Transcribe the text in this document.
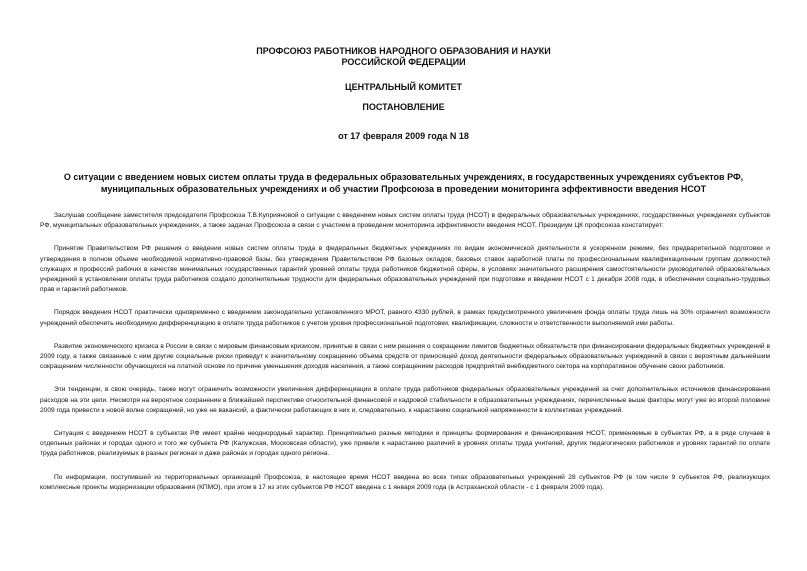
ПРОФСОЮЗ РАБОТНИКОВ НАРОДНОГО ОБРАЗОВАНИЯ И НАУКИ
РОССИЙСКОЙ ФЕДЕРАЦИИ
ЦЕНТРАЛЬНЫЙ КОМИТЕТ
ПОСТАНОВЛЕНИЕ
от 17 февраля 2009 года N 18
О ситуации с введением новых систем оплаты труда в федеральных образовательных учреждениях, в государственных учреждениях субъектов РФ, муниципальных образовательных учреждениях и об участии Профсоюза в проведении мониторинга эффективности введения НСОТ

Заслушав сообщение заместителя председателя Профсоюза Т.В.Куприяновой о ситуации с введением новых систем оплаты труда (НСОТ) в федеральных образовательных учреждениях, государственных учреждениях субъектов РФ, муниципальных образовательных учреждениях, а также задачах Профсоюза в связи с участием в проведении мониторинга эффективности введения НСОТ, Президиум ЦК профсоюза констатирует:

Принятие Правительством РФ решения о введении новых систем оплаты труда в федеральных бюджетных учреждениях по видам экономической деятельности в ускоренном режиме, без предварительной подготовки и утверждения в полном объеме необходимой нормативно-правовой базы, без утверждения Правительством РФ базовых окладов, базовых ставок заработной платы по профессиональным квалификационным группам должностей служащих и профессий рабочих в качестве минимальных государственных гарантий уровней оплаты труда работников бюджетной сферы, в условиях значительного расширения самостоятельности руководителей образовательных учреждений в установлении оплаты труда работников создало дополнительные трудности для федеральных образовательных учреждений при подготовке и введении НСОТ с 1 декабря 2008 года, в обеспечении социально-трудовых прав и гарантий работников.

Порядок введения НСОТ практически одновременно с введением законодательно установленного МРОТ, равного 4330 рублей, в рамках предусмотренного увеличения фонда оплаты труда лишь на 30% ограничил возможности учреждений обеспечить необходимую дифференциацию в оплате труда работников с учетом уровня профессиональной подготовки, квалификации, сложности и ответственности выполняемой ими работы.

Развитие экономического кризиса в России в связи с мировым финансовым кризисом, принятые в связи с ним решения о сокращении лимитов бюджетных обязательств при финансировании федеральных бюджетных учреждений в 2009 году, а также связанные с ним другие социальные риски приведут к значительному сокращению объема средств от приносящей доход деятельности федеральных образовательных учреждений в связи с вероятным дальнейшим сокращением численности обучающихся на платной основе по причине уменьшения доходов населения, а также сокращением расходов предприятий внебюджетного сектора на корпоративное обучение своих работников.

Эти тенденции, в свою очередь, также могут ограничить возможности увеличения дифференциации в оплате труда работников федеральных образовательных учреждений за счет дополнительных источников финансирования расходов на эти цели. Несмотря на вероятное сохранение в ближайшей перспективе относительной финансовой и кадровой стабильности в образовательных учреждениях, перечисленные выше факторы могут уже во второй половине 2009 года привести к новой волне сокращений, но уже не вакансий, а фактически работающих в них и, следовательно, к нарастанию социальной напряженности в коллективах учреждений.

Ситуация с введением НСОТ в субъектах РФ имеет крайне неоднородный характер. Принципиально разные методики и принципы формирования и финансирования НСОТ, применяемые в субъектах РФ, а в ряде случаев в отдельных районах и городах одного и того же субъекта РФ (Калужская, Московская области), уже привели к нарастанию различий в уровнях оплаты труда учителей, других педагогических работников и уровнях гарантий по оплате труда работников, реализуемых в разных регионах и даже районах и городах одного региона.

По информации, поступившей из территориальных организаций Профсоюза, в настоящее время НСОТ введена во всех типах образовательных учреждений 28 субъектов РФ (в том числе 9 субъектов РФ, реализующих комплексные проекты модернизации образования (КПМО), при этом в 17 из этих субъектов РФ НСОТ введена с 1 января 2009 года (в Астраханской области - с 1 февраля 2009 года).
